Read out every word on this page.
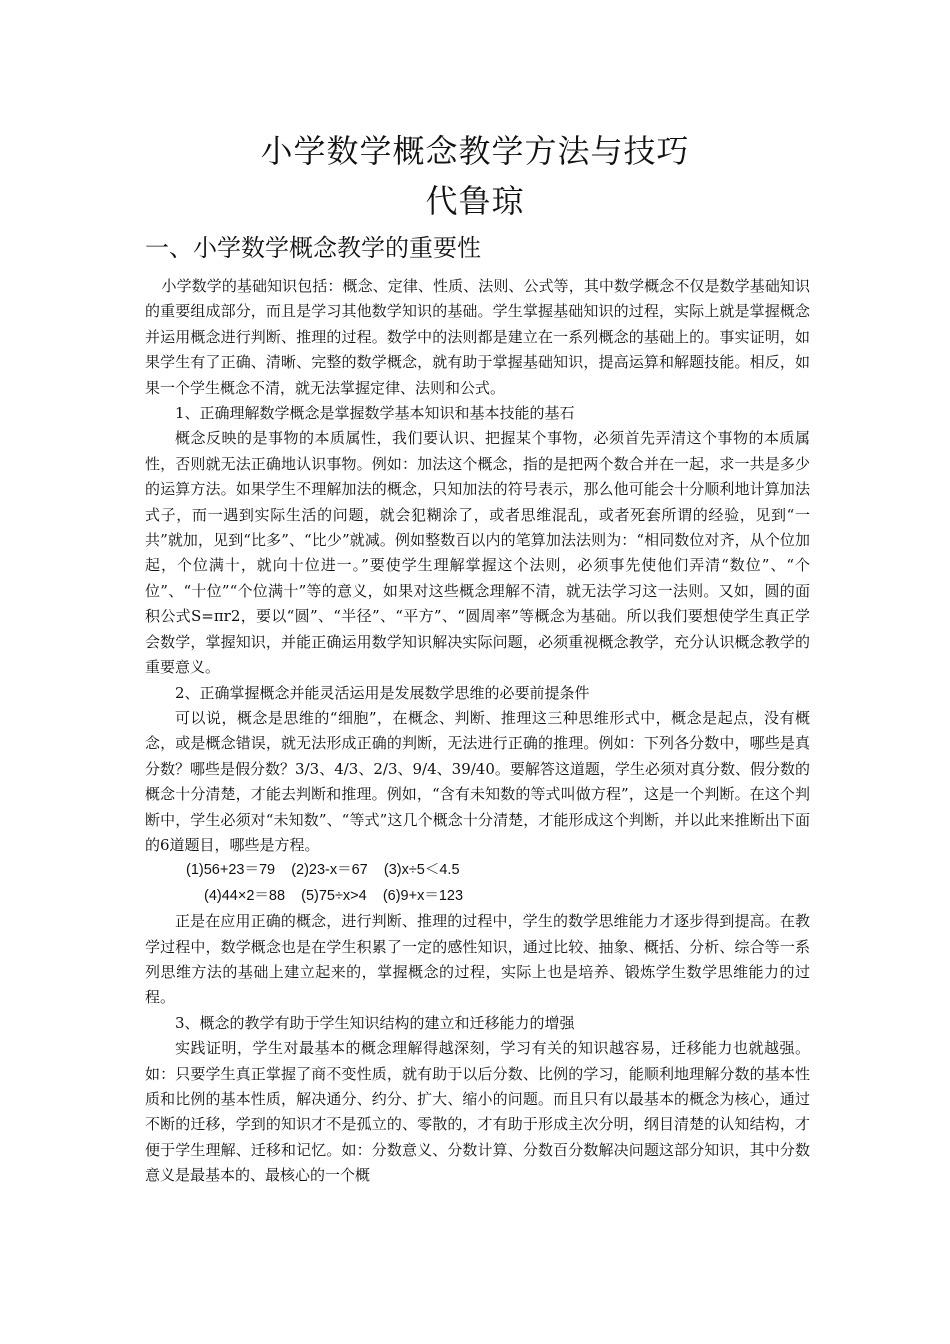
小学数学概念教学方法与技巧
代鲁琼
一、小学数学概念教学的重要性

小学数学的基础知识包括：概念、定律、性质、法则、公式等，其中数学概念不仅是数学基础知识的重要组成部分，而且是学习其他数学知识的基础。学生掌握基础知识的过程，实际上就是掌握概念并运用概念进行判断、推理的过程。数学中的法则都是建立在一系列概念的基础上的。事实证明，如果学生有了正确、清晰、完整的数学概念，就有助于掌握基础知识，提高运算和解题技能。相反，如果一个学生概念不清，就无法掌握定律、法则和公式。

1、正确理解数学概念是掌握数学基本知识和基本技能的基石

概念反映的是事物的本质属性，我们要认识、把握某个事物，必须首先弄清这个事物的本质属性，否则就无法正确地认识事物。例如：加法这个概念，指的是把两个数合并在一起，求一共是多少的运算方法。如果学生不理解加法的概念，只知加法的符号表示，那么他可能会十分顺利地计算加法式子，而一遇到实际生活的问题，就会犯糊涂了，或者思维混乱，或者死套所谓的经验，见到“一共”就加，见到“比多”、“比少”就减。例如整数百以内的笔算加法法则为：“相同数位对齐，从个位加起，个位满十，就向十位进一。”要使学生理解掌握这个法则，必须事先使他们弄清“数位”、“个位”、“十位”“个位满十”等的意义，如果对这些概念理解不清，就无法学习这一法则。又如，圆的面积公式S=πr2，要以“圆”、“半径”、“平方”、“圆周率”等概念为基础。所以我们要想使学生真正学会数学，掌握知识，并能正确运用数学知识解决实际问题，必须重视概念教学，充分认识概念教学的重要意义。

2、正确掌握概念并能灵活运用是发展数学思维的必要前提条件

可以说，概念是思维的“细胞”，在概念、判断、推理这三种思维形式中，概念是起点，没有概念，或是概念错误，就无法形成正确的判断，无法进行正确的推理。例如：下列各分数中，哪些是真分数？哪些是假分数？3/3、4/3、2/3、9/4、39/40。要解答这道题，学生必须对真分数、假分数的概念十分清楚，才能去判断和推理。例如，“含有未知数的等式叫做方程”，这是一个判断。在这个判断中，学生必须对“未知数”、“等式”这几个概念十分清楚，才能形成这个判断，并以此来推断出下面的6道题目，哪些是方程。

(1)56+23＝79    (2)23-x＝67    (3)x÷5＜4.5

(4)44×2＝88    (5)75÷x>4    (6)9+x＝123

正是在应用正确的概念，进行判断、推理的过程中，学生的数学思维能力才逐步得到提高。在教学过程中，数学概念也是在学生积累了一定的感性知识，通过比较、抽象、概括、分析、综合等一系列思维方法的基础上建立起来的，掌握概念的过程，实际上也是培养、锻炼学生数学思维能力的过程。

3、概念的教学有助于学生知识结构的建立和迁移能力的增强

实践证明，学生对最基本的概念理解得越深刻，学习有关的知识越容易，迁移能力也就越强。如：只要学生真正掌握了商不变性质，就有助于以后分数、比例的学习，能顺利地理解分数的基本性质和比例的基本性质，解决通分、约分、扩大、缩小的问题。而且只有以最基本的概念为核心，通过不断的迁移，学到的知识才不是孤立的、零散的，才有助于形成主次分明，纲目清楚的认知结构，才便于学生理解、迁移和记忆。如：分数意义、分数计算、分数百分数解决问题这部分知识，其中分数意义是最基本的、最核心的一个概
